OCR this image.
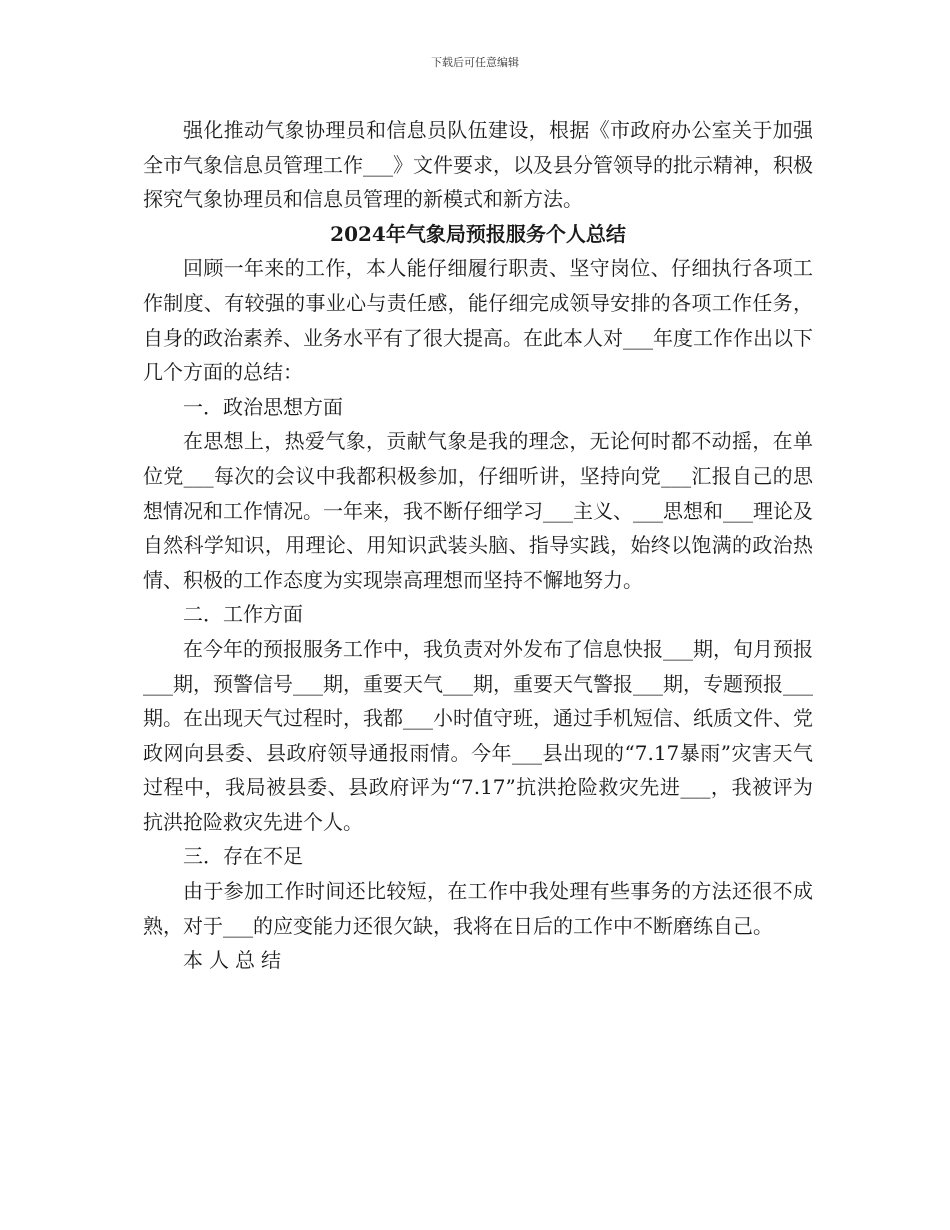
下载后可任意编辑

强化推动气象协理员和信息员队伍建设，根据《市政府办公室关于加强全市气象信息员管理工作___》文件要求，以及县分管领导的批示精神，积极探究气象协理员和信息员管理的新模式和新方法。

2024年气象局预报服务个人总结

回顾一年来的工作，本人能仔细履行职责、坚守岗位、仔细执行各项工作制度、有较强的事业心与责任感，能仔细完成领导安排的各项工作任务，自身的政治素养、业务水平有了很大提高。在此本人对___年度工作作出以下几个方面的总结：

一．政治思想方面

在思想上，热爱气象，贡献气象是我的理念，无论何时都不动摇，在单位党___每次的会议中我都积极参加，仔细听讲，坚持向党___汇报自己的思想情况和工作情况。一年来，我不断仔细学习___主义、___思想和___理论及自然科学知识，用理论、用知识武装头脑、指导实践，始终以饱满的政治热情、积极的工作态度为实现崇高理想而坚持不懈地努力。

二．工作方面

在今年的预报服务工作中，我负责对外发布了信息快报___期，旬月预报___期，预警信号___期，重要天气___期，重要天气警报___期，专题预报___期。在出现天气过程时，我都___小时值守班，通过手机短信、纸质文件、党政网向县委、县政府领导通报雨情。今年___县出现的“7.17暴雨”灾害天气过程中，我局被县委、县政府评为“7.17”抗洪抢险救灾先进___，我被评为抗洪抢险救灾先进个人。

三．存在不足

由于参加工作时间还比较短，在工作中我处理有些事务的方法还很不成熟，对于___的应变能力还很欠缺，我将在日后的工作中不断磨练自己。

本人总结
